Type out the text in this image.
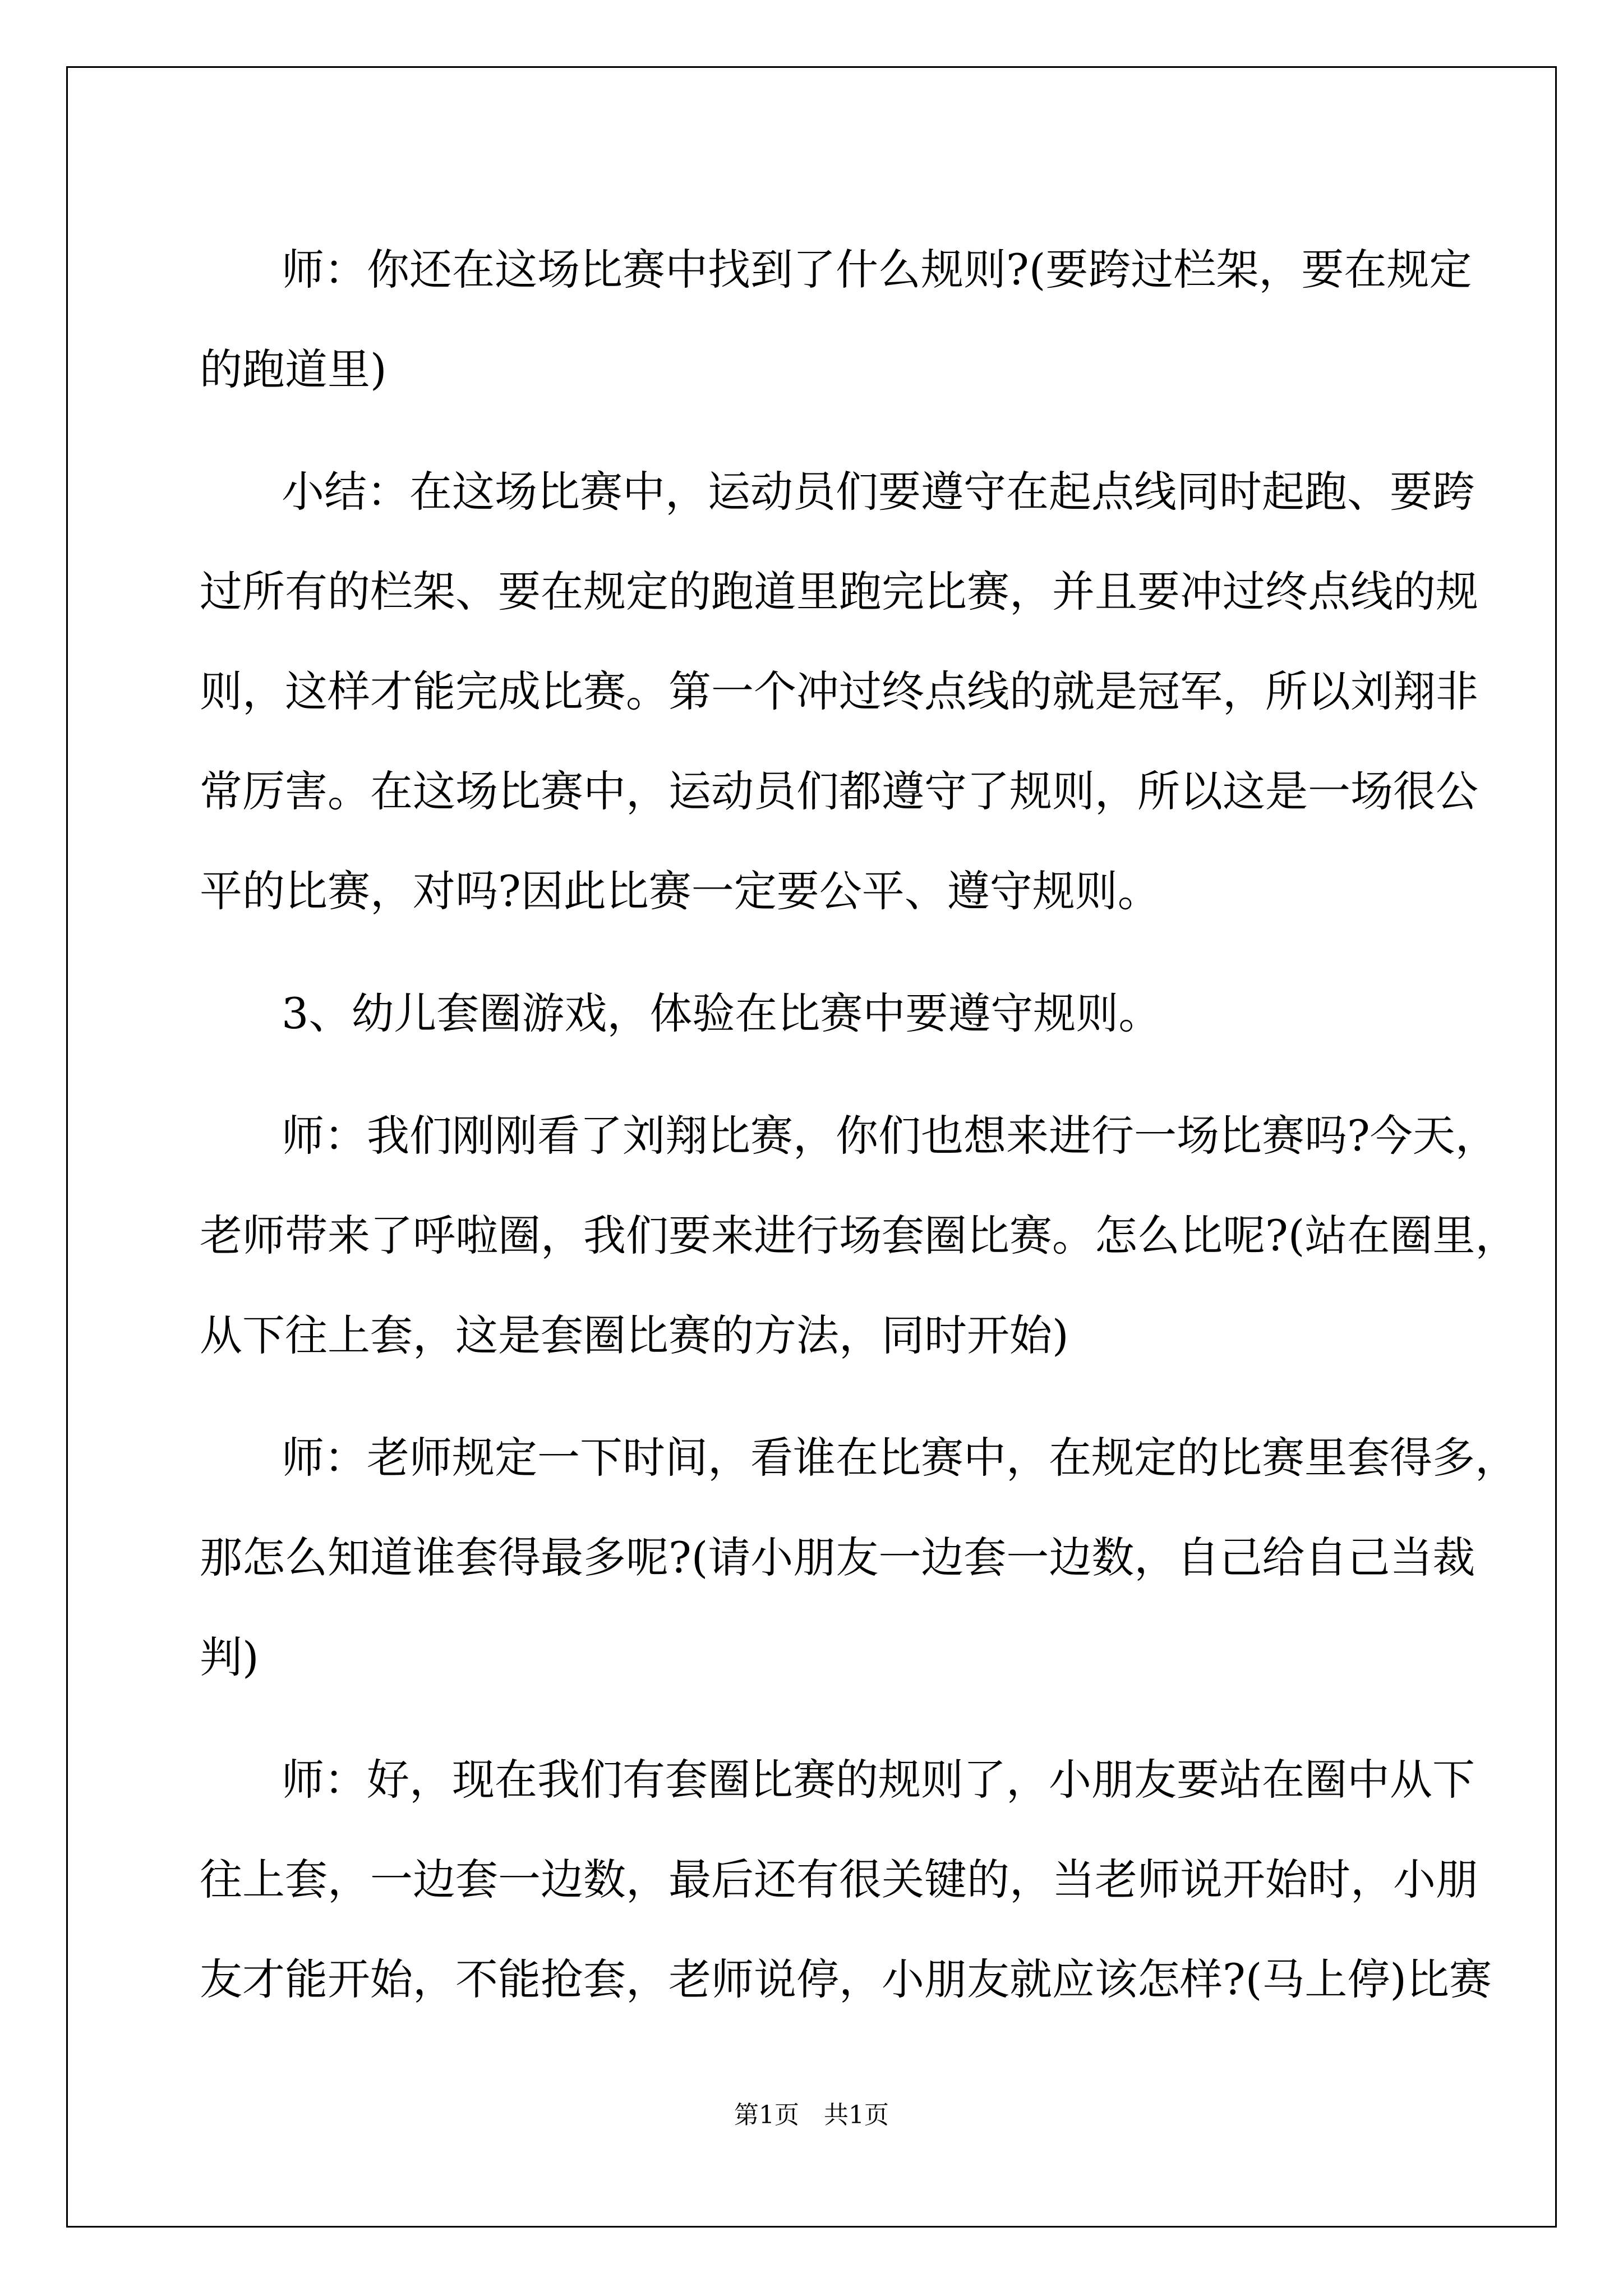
师：你还在这场比赛中找到了什么规则?(要跨过栏架，要在规定
的跑道里)
小结：在这场比赛中，运动员们要遵守在起点线同时起跑、要跨
过所有的栏架、要在规定的跑道里跑完比赛，并且要冲过终点线的规
则，这样才能完成比赛。第一个冲过终点线的就是冠军，所以刘翔非
常厉害。在这场比赛中，运动员们都遵守了规则，所以这是一场很公
平的比赛，对吗?因此比赛一定要公平、遵守规则。
3、幼儿套圈游戏，体验在比赛中要遵守规则。
师：我们刚刚看了刘翔比赛，你们也想来进行一场比赛吗?今天，
老师带来了呼啦圈，我们要来进行场套圈比赛。怎么比呢?(站在圈里，
从下往上套，这是套圈比赛的方法，同时开始)
师：老师规定一下时间，看谁在比赛中，在规定的比赛里套得多，
那怎么知道谁套得最多呢?(请小朋友一边套一边数，自己给自己当裁
判)
师：好，现在我们有套圈比赛的规则了，小朋友要站在圈中从下
往上套，一边套一边数，最后还有很关键的，当老师说开始时，小朋
友才能开始，不能抢套，老师说停，小朋友就应该怎样?(马上停)比赛
第1页　共1页
